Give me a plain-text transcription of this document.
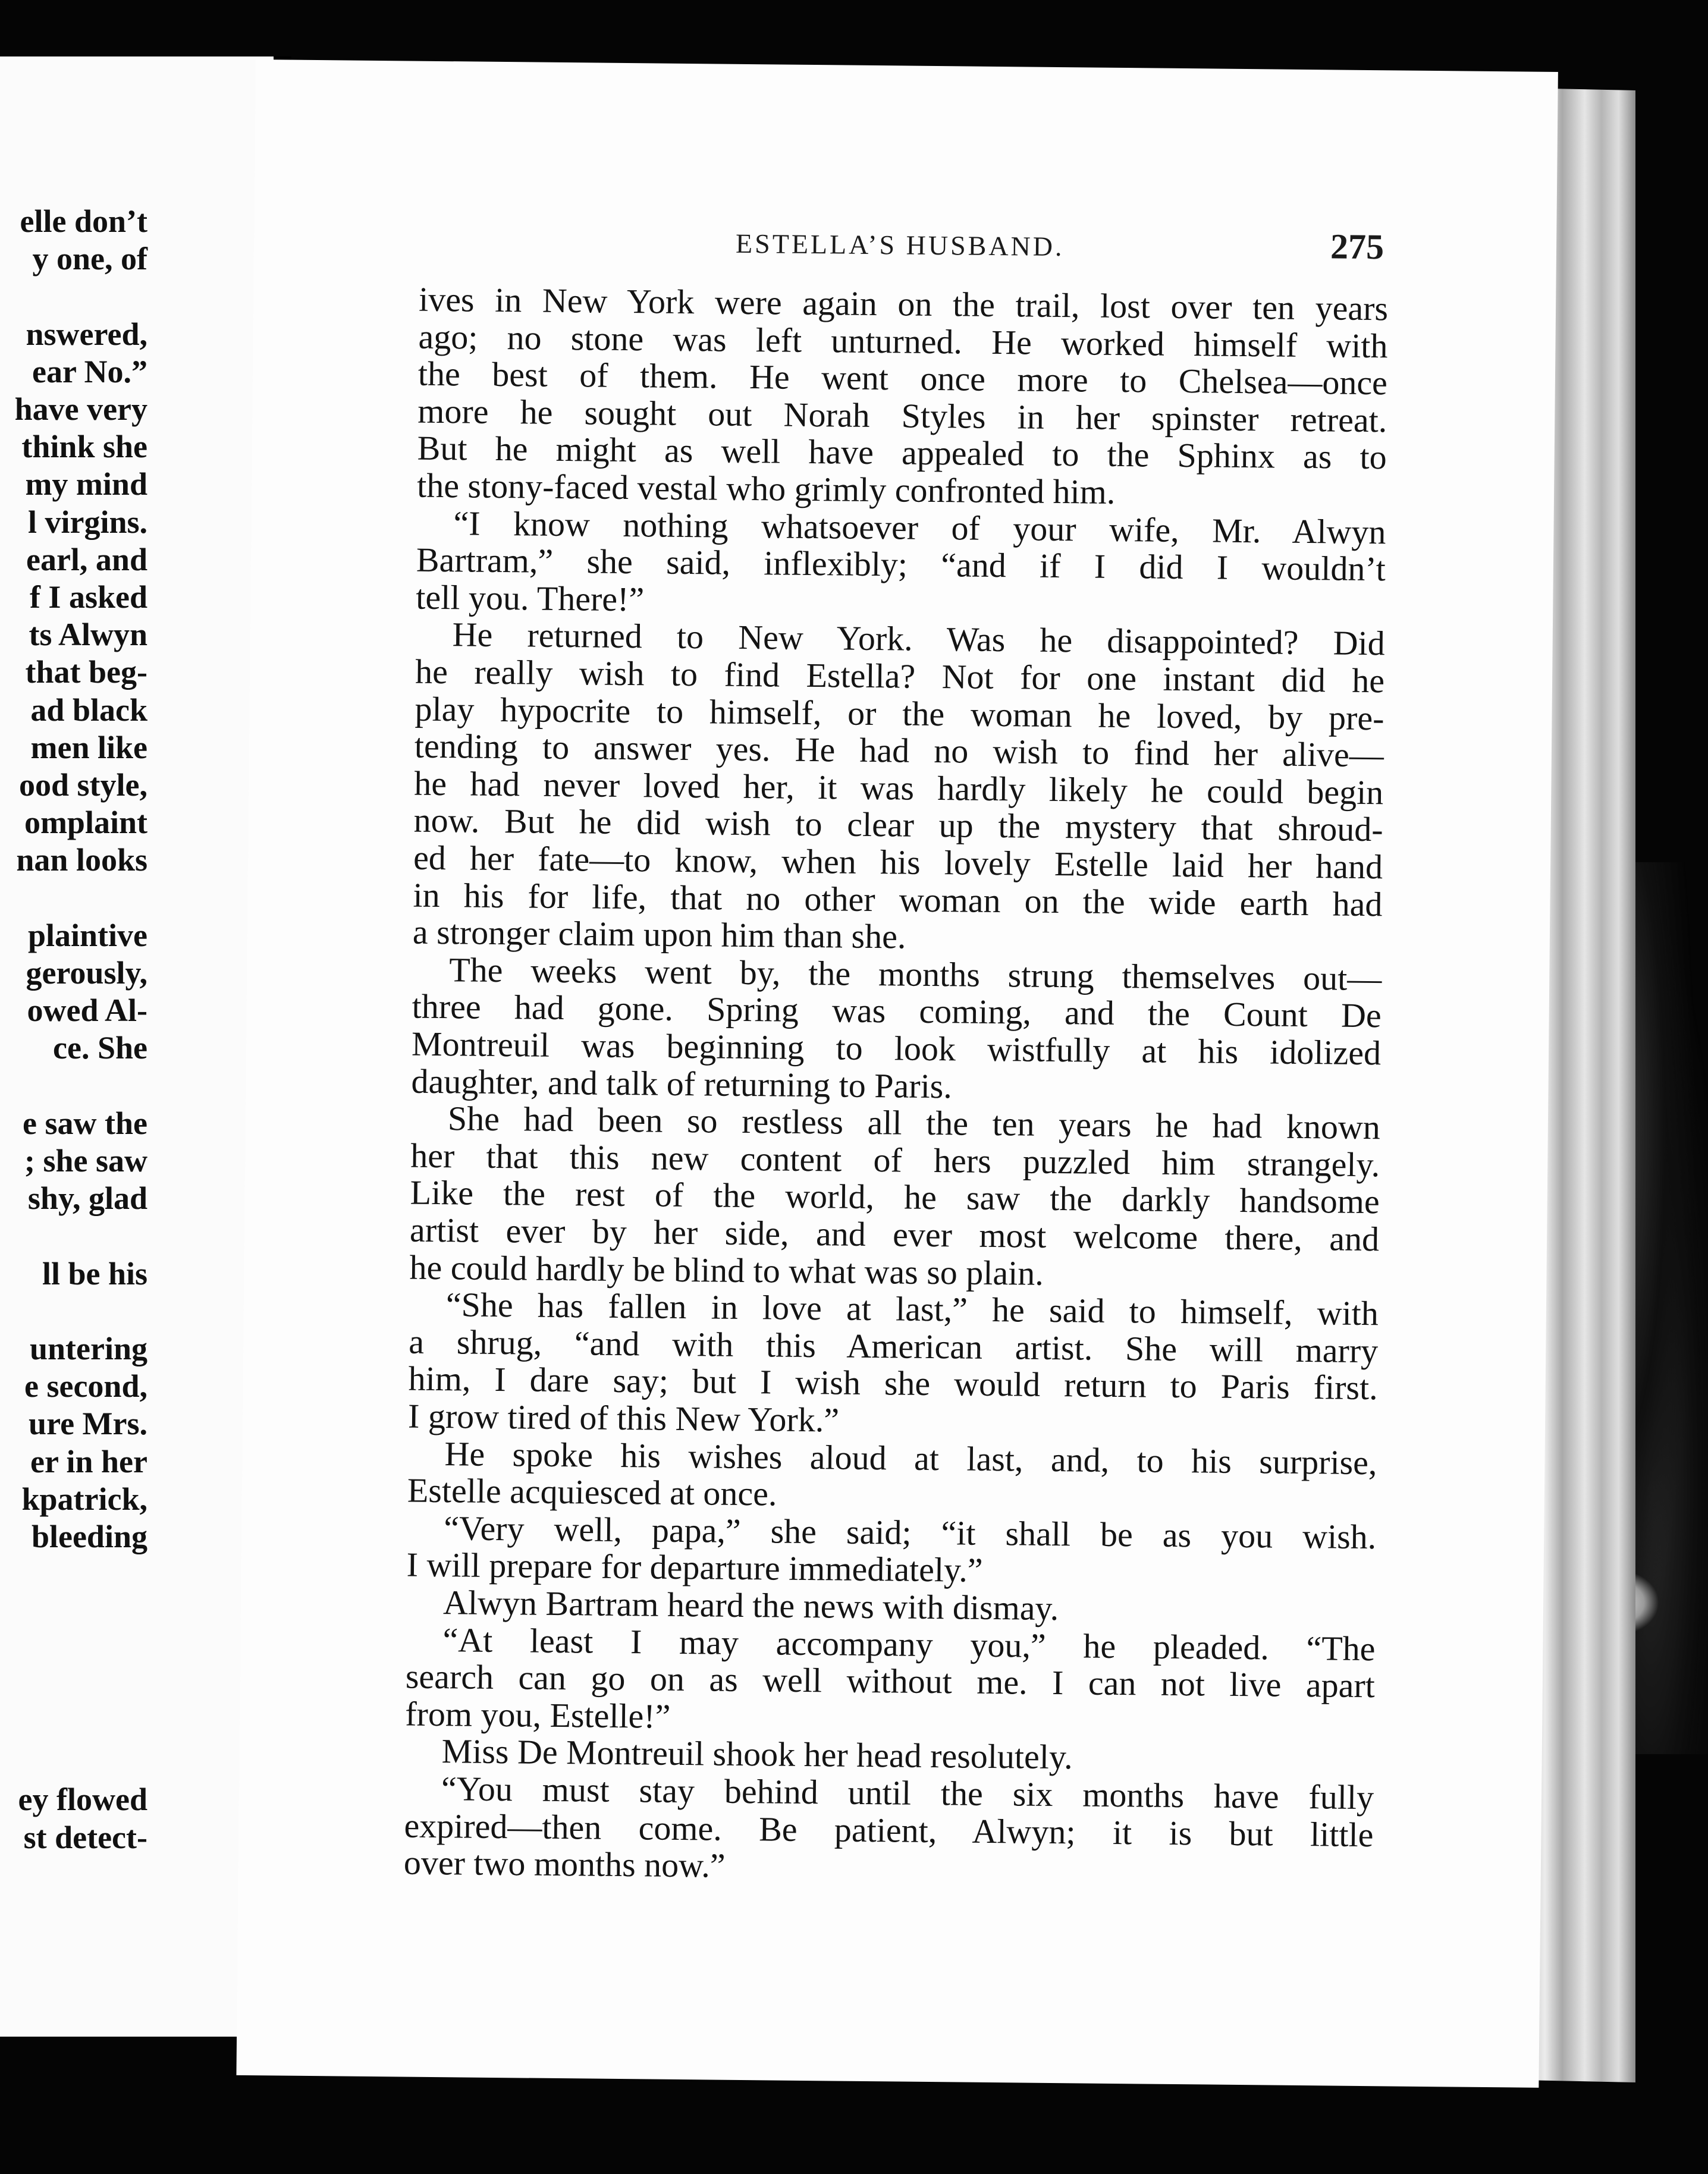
elle don’t
y one, of
nswered,
ear No.”
have very
think she
my mind
l virgins.
earl, and
f I asked
ts Alwyn
that beg-
ad black
men like
ood style,
omplaint
nan looks
plaintive
gerously,
owed Al-
ce. She
e saw the
; she saw
shy, glad
ll be his
untering
e second,
ure Mrs.
er in her
kpatrick,
bleeding
ey flowed
st detect-
ESTELLA’S HUSBAND.	275
ives in New York were again on the trail, lost over ten years
ago; no stone was left unturned. He worked himself with
the best of them. He went once more to Chelsea—once
more he sought out Norah Styles in her spinster retreat.
But he might as well have appealed to the Sphinx as to
the stony-faced vestal who grimly confronted him.
“I know nothing whatsoever of your wife, Mr. Alwyn
Bartram,” she said, inflexibly; “and if I did I wouldn’t
tell you. There!”
He returned to New York. Was he disappointed? Did
he really wish to find Estella? Not for one instant did he
play hypocrite to himself, or the woman he loved, by pre-
tending to answer yes. He had no wish to find her alive—
he had never loved her, it was hardly likely he could begin
now. But he did wish to clear up the mystery that shroud-
ed her fate—to know, when his lovely Estelle laid her hand
in his for life, that no other woman on the wide earth had
a stronger claim upon him than she.
The weeks went by, the months strung themselves out—
three had gone. Spring was coming, and the Count De
Montreuil was beginning to look wistfully at his idolized
daughter, and talk of returning to Paris.
She had been so restless all the ten years he had known
her that this new content of hers puzzled him strangely.
Like the rest of the world, he saw the darkly handsome
artist ever by her side, and ever most welcome there, and
he could hardly be blind to what was so plain.
“She has fallen in love at last,” he said to himself, with
a shrug, “and with this American artist. She will marry
him, I dare say; but I wish she would return to Paris first.
I grow tired of this New York.”
He spoke his wishes aloud at last, and, to his surprise,
Estelle acquiesced at once.
“Very well, papa,” she said; “it shall be as you wish.
I will prepare for departure immediately.”
Alwyn Bartram heard the news with dismay.
“At least I may accompany you,” he pleaded. “The
search can go on as well without me. I can not live apart
from you, Estelle!”
Miss De Montreuil shook her head resolutely.
“You must stay behind until the six months have fully
expired—then come. Be patient, Alwyn; it is but little
over two months now.”
